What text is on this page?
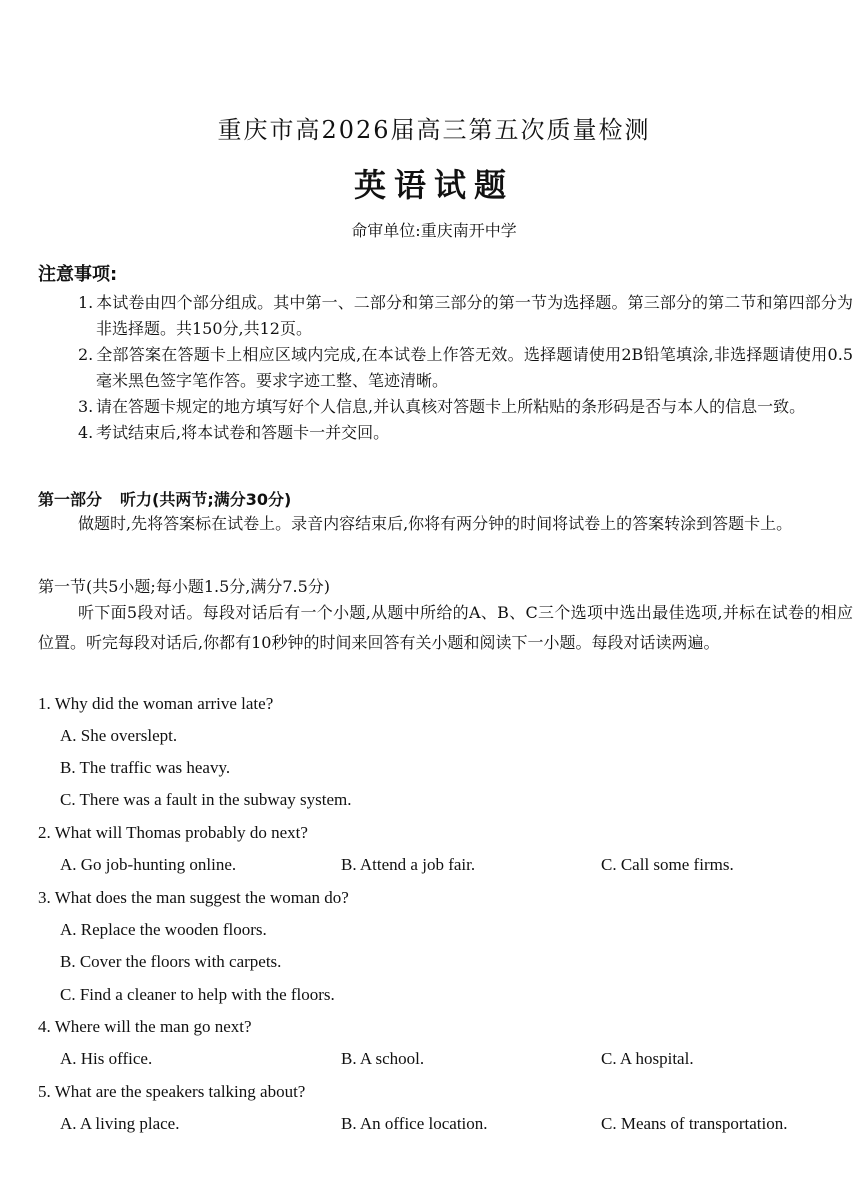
重庆市高2026届高三第五次质量检测
英语试题
命审单位:重庆南开中学
注意事项:
1. 本试卷由四个部分组成。其中第一、二部分和第三部分的第一节为选择题。第三部分的第二节和第四部分为非选择题。共150分,共12页。
2. 全部答案在答题卡上相应区域内完成,在本试卷上作答无效。选择题请使用2B铅笔填涂,非选择题请使用0.5毫米黑色签字笔作答。要求字迹工整、笔迹清晰。
3. 请在答题卡规定的地方填写好个人信息,并认真核对答题卡上所粘贴的条形码是否与本人的信息一致。
4. 考试结束后,将本试卷和答题卡一并交回。
第一部分 听力(共两节;满分30分)
做题时,先将答案标在试卷上。录音内容结束后,你将有两分钟的时间将试卷上的答案转涂到答题卡上。
第一节(共5小题;每小题1.5分,满分7.5分)
听下面5段对话。每段对话后有一个小题,从题中所给的A、B、C三个选项中选出最佳选项,并标在试卷的相应位置。听完每段对话后,你都有10秒钟的时间来回答有关小题和阅读下一小题。每段对话读两遍。
1. Why did the woman arrive late?
A. She overslept.
B. The traffic was heavy.
C. There was a fault in the subway system.
2. What will Thomas probably do next?
A. Go job-hunting online.	B. Attend a job fair.	C. Call some firms.
3. What does the man suggest the woman do?
A. Replace the wooden floors.
B. Cover the floors with carpets.
C. Find a cleaner to help with the floors.
4. Where will the man go next?
A. His office.	B. A school.	C. A hospital.
5. What are the speakers talking about?
A. A living place.	B. An office location.	C. Means of transportation.
